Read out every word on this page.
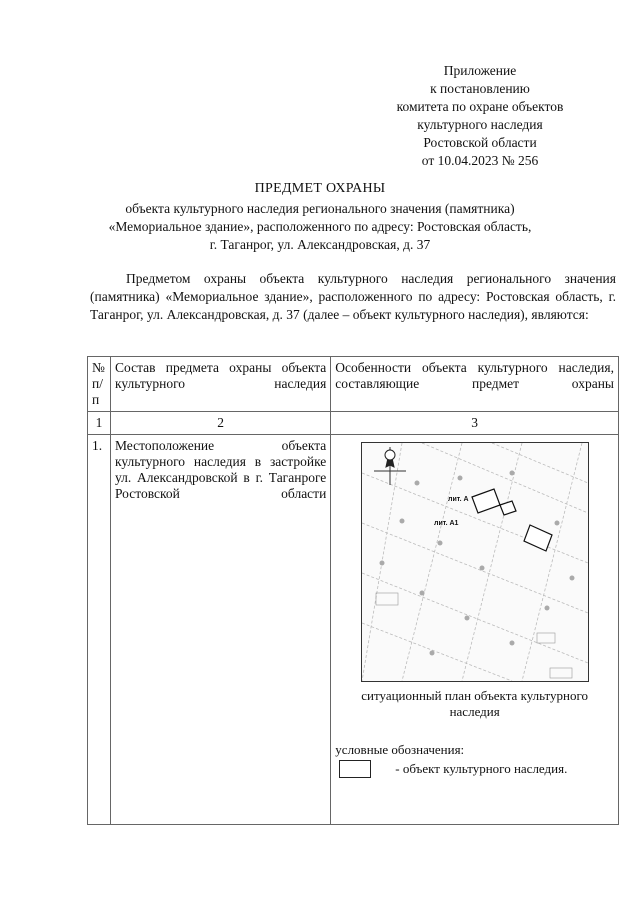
Приложение
к постановлению
комитета по охране объектов
культурного наследия
Ростовской области
от 10.04.2023 № 256
ПРЕДМЕТ ОХРАНЫ
объекта культурного наследия регионального значения (памятника)
«Мемориальное здание», расположенного по адресу: Ростовская область,
г. Таганрог, ул. Александровская, д. 37
Предметом охраны объекта культурного наследия регионального значения (памятника) «Мемориальное здание», расположенного по адресу: Ростовская область, г. Таганрог, ул. Александровская, д. 37 (далее – объект культурного наследия), являются:
№ п/п	Состав предмета охраны объекта культурного наследия	Особенности объекта культурного наследия, составляющие предмет охраны
1	2	3
1.	Местоположение объекта культурного наследия в застройке ул. Александровской в г. Таганроге Ростовской области	лит. А
лит. А1
ситуационный план объекта культурного наследия
условные обозначения:
- объект культурного наследия.
